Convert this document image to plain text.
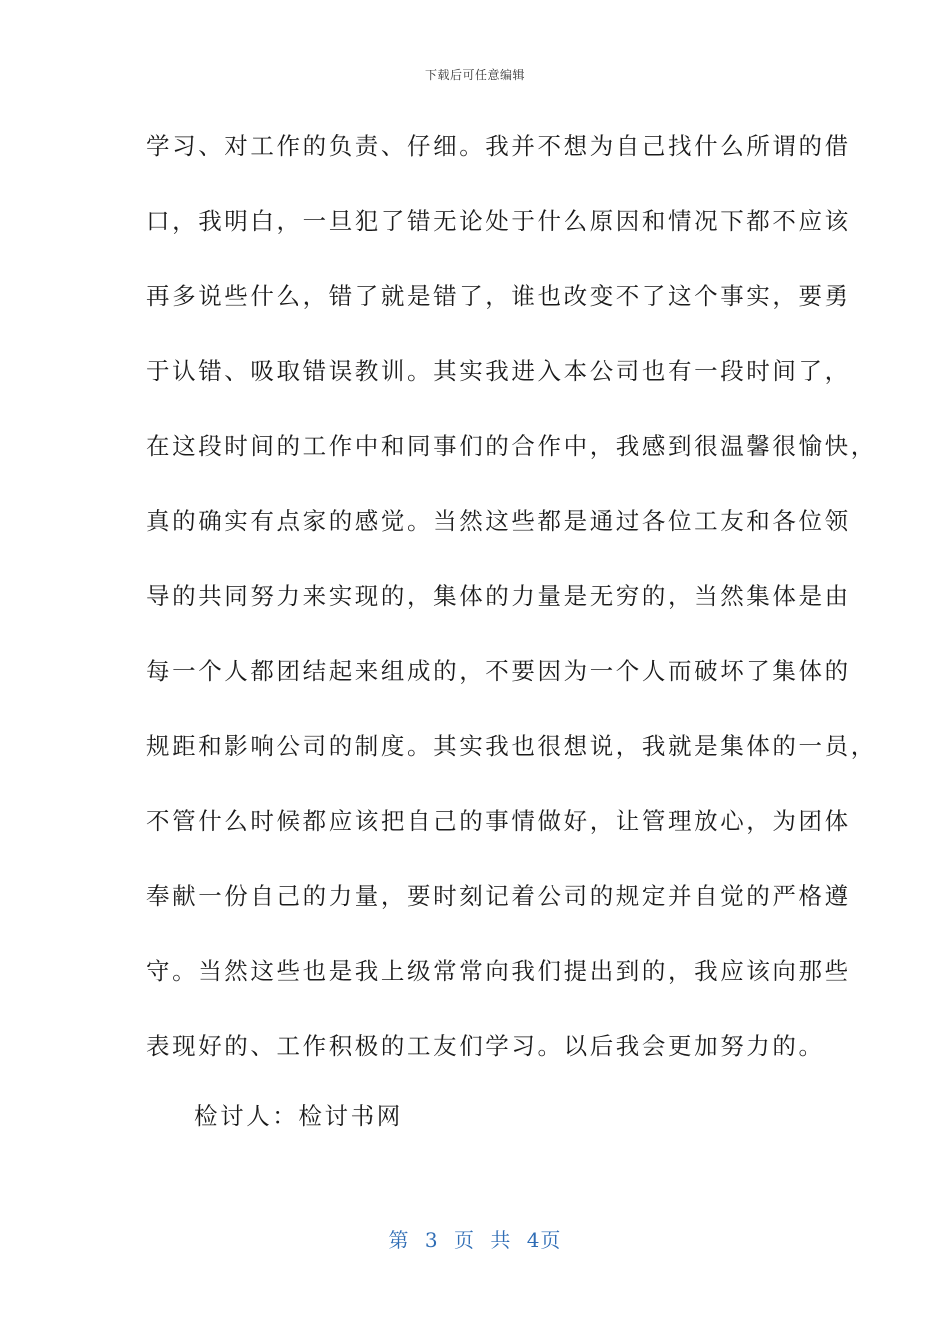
下载后可任意编辑
学习、对工作的负责、仔细。我并不想为自己找什么所谓的借
口，我明白，一旦犯了错无论处于什么原因和情况下都不应该
再多说些什么，错了就是错了，谁也改变不了这个事实，要勇
于认错、吸取错误教训。其实我进入本公司也有一段时间了，
在这段时间的工作中和同事们的合作中，我感到很温馨很愉快，
真的确实有点家的感觉。当然这些都是通过各位工友和各位领
导的共同努力来实现的，集体的力量是无穷的，当然集体是由
每一个人都团结起来组成的，不要因为一个人而破坏了集体的
规距和影响公司的制度。其实我也很想说，我就是集体的一员，
不管什么时候都应该把自己的事情做好，让管理放心，为团体
奉献一份自己的力量，要时刻记着公司的规定并自觉的严格遵
守。当然这些也是我上级常常向我们提出到的，我应该向那些
表现好的、工作积极的工友们学习。以后我会更加努力的。
检讨人：检讨书网
第 3 页 共 4页
